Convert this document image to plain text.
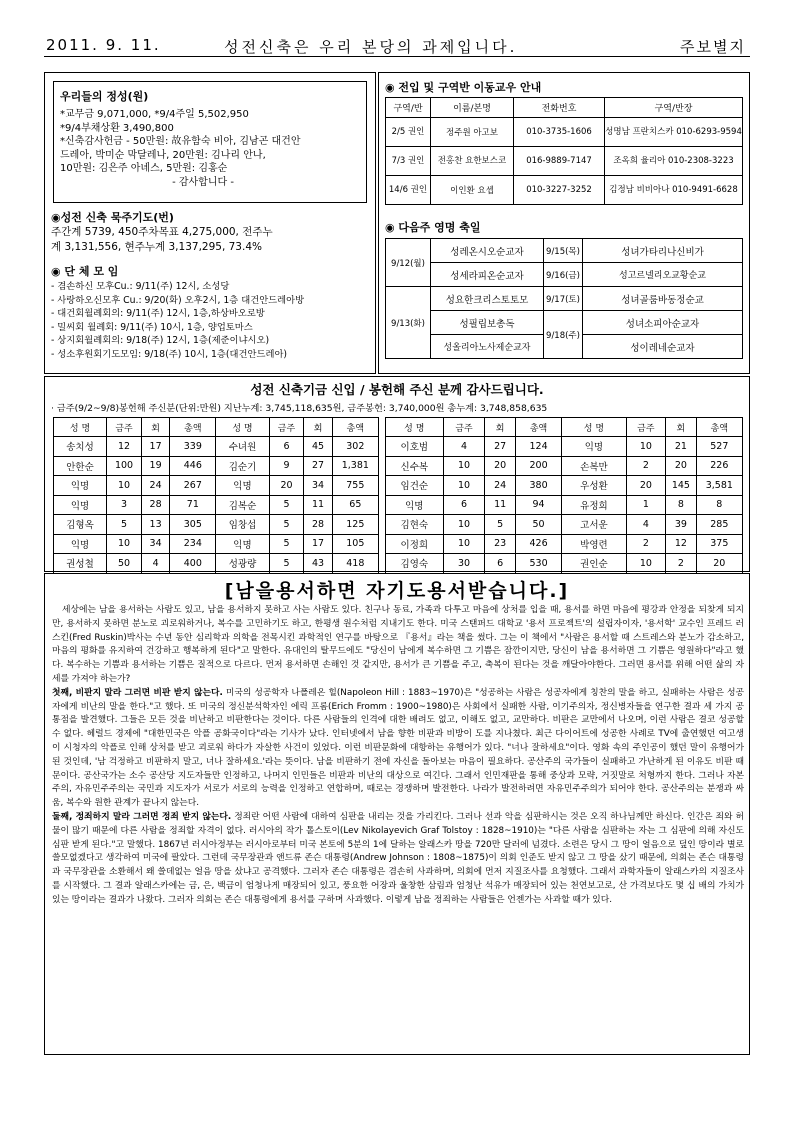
2011. 9. 11.	성전신축은 우리 본당의 과제입니다.	주보별지
우리들의 정성(원)
*교무금 9,071,000, *9/4주일 5,502,950
*9/4부채상환 3,490,800
*신축감사헌금 - 50만원: 故유함숙 비아, 김남곤 대건안
드레아, 박미순 막달레나, 20만원: 김나리 안나,
10만원: 김은주 아녜스, 5만원: 김홍순
- 감사합니다 -
◉성전 신축 묵주기도(번)
주간계 5739, 450주차목표 4,275,000, 전주누
계 3,131,556, 현주누계 3,137,295, 73.4%
◉ 단 체 모 임
- 겸손하신 모후Cu.: 9/11(주) 12시, 소성당
- 사랑하오신모후 Cu.: 9/20(화) 오후2시, 1층 대건안드레아방
- 대건회월례회의: 9/11(주) 12시, 1층,하상바오로방
- 밀씨회 월례회: 9/11(주) 10시, 1층, 양업토마스
- 상지회월례회의: 9/18(주) 12시, 1층(제준이냐시오)
- 성소후원회기도모임: 9/18(주) 10시, 1층(대건안드레아)
◉ 전입 및 구역반 이동교우 안내
구역/반	이름/본명	전화번호	구역/반장
2/5 권인	정주원 아고보	010-3735-1606	성명남 프란치스카 010-6293-9594
7/3 권인	전홍찬 요한보스코	016-9889-7147	조옥희 율리아 010-2308-3223
14/6 권인	이인환 요셉	010-3227-3252	김정남 비비아나 010-9491-6628
◉ 다음주 영명 축일
9/12(월)	성레온시오순교자	9/15(목)	성녀가타리나신비가
	성세라피온순교자	9/16(금)	성고르넬리오교황순교
9/13(화)	성요한크리스토토모	9/17(토)	성녀골룸바동정순교
	성필립보총독	9/18(주)	성녀소피아순교자
	성올리아노사제순교자		성이레네순교자
성전 신축기금 신입 / 봉헌해 주신 분께 감사드립니다.
· 금주(9/2~9/8)봉헌해 주신분(단위:만원) 지난누계: 3,745,118,635원, 금주봉헌: 3,740,000원 총누계: 3,748,858,635
성 명	금주	회	총액	성 명	금주	회	총액
송치성	12	17	339	수녀원	6	45	302
안한순	100	19	446	김순기	9	27	1,381
익명	10	24	267	익명	20	34	755
익명	3	28	71	김복순	5	11	65
김형옥	5	13	305	임창섭	5	28	125
익명	10	34	234	익명	5	17	105
권성철	50	4	400	성광량	5	43	418
성 명	금주	회	총액	성 명	금주	회	총액
이호범	4	27	124	익명	10	21	527
신수복	10	20	200	손복만	2	20	226
임건순	10	24	380	우성환	20	145	3,581
익명	6	11	94	유정희	1	8	8
김현숙	10	5	50	고서운	4	39	285
이정희	10	23	426	박영련	2	12	375
김영숙	30	6	530	권인순	10	2	20
[남을용서하면 자기도용서받습니다.]

세상에는 남을 용서하는 사람도 있고, 남을 용서하지 못하고 사는 사람도 있다. 친구나 동료, 가족과 다투고 마음에 상처를 입을 때, 용서를 하면 마음에 평강과 안정을 되찾게 되지만, 용서하지 못하면 분노로 괴로워하거나, 복수를 고민하기도 하고, 한평생 원수처럼 지내기도 한다. 미국 스탠퍼드 대학교 '용서 프로젝트'의 설립자이자, '용서학' 교수인 프레드 러스킨(Fred Ruskin)박사는 수년 동안 심리학과 의학을 전목시킨 과학적인 연구를 바탕으로 『용서』라는 책을 썼다. 그는 이 책에서 "사람은 용서할 때 스트레스와 분노가 감소하고, 마음의 평화를 유지하여 건강하고 행복하게 된다"고 말한다. 유대인의 탈무드에도 "당신이 남에게 복수하면 그 기쁨은 잠깐이지만, 당신이 남을 용서하면 그 기쁨은 영원하다"라고 했다. 복수하는 기쁨과 용서하는 기쁨은 질적으로 다르다. 먼저 용서하면 손해인 것 같지만, 용서가 큰 기쁨을 주고, 축복이 된다는 것을 깨달아야한다. 그러면 용서를 위해 어떤 삶의 자세를 가져야 하는가?

첫째, 비판지 말라 그러면 비판 받지 않는다. 미국의 성공학자 나폴레온 힐(Napoleon Hill : 1883~1970)은 "성공하는 사람은 성공자에게 칭찬의 말을 하고, 실패하는 사람은 성공자에게 비난의 말을 한다."고 했다. 또 미국의 정신분석학자인 에릭 프롬(Erich Fromm : 1900~1980)은 사회에서 실패한 사람, 이기주의자, 정신병자들을 연구한 결과 세 가지 공통점을 발견했다. 그들은 모든 것을 비난하고 비판한다는 것이다. 다른 사람들의 인격에 대한 배려도 없고, 이해도 없고, 교만하다. 비판은 교만에서 나오며, 이런 사람은 결코 성공할 수 없다. 헤럴드 경제에 "대한민국은 악플 공화국이다"라는 기사가 났다. 인터넷에서 남을 향한 비판과 비방이 도를 지나쳤다. 최근 다이어트에 성공한 사례로 TV에 출연했던 여고생이 시청자의 악플로 인해 상처를 받고 괴로워 하다가 자살한 사건이 있었다. 이런 비판문화에 대항하는 유행어가 있다. "너나 잘하세요"이다. 영화 속의 주인공이 했던 말이 유행어가 된 것인데, '남 걱정하고 비판하지 말고, 너나 잘하세요.'라는 뜻이다. 남을 비판하기 전에 자신을 돌아보는 마음이 필요하다. 공산주의 국가들이 실패하고 가난하게 된 이유도 비판 때문이다. 공산국가는 소수 공산당 지도자들만 인정하고, 나머지 인민들은 비판과 비난의 대상으로 여긴다. 그래서 인민재판을 통해 중상과 모략, 거짓말로 처형까지 한다. 그러나 자본주의, 자유민주주의는 국민과 지도자가 서로가 서로의 능력을 인정하고 연합하며, 때로는 경쟁하며 발전한다. 나라가 발전하려면 자유민주주의가 되어야 한다. 공산주의는 분쟁과 싸움, 복수와 원한 관계가 끝나지 않는다.

둘째, 정죄하지 말라 그러면 정죄 받지 않는다. 정죄란 어떤 사람에 대하여 심판을 내리는 것을 가리킨다. 그러나 선과 악을 심판하시는 것은 오직 하나님께만 하신다. 인간은 죄와 허물이 많기 때문에 다른 사람을 정죄할 자격이 없다. 러시아의 작가 톨스토이(Lev Nikolayevich Graf Tolstoy : 1828~1910)는 "다른 사람을 심판하는 자는 그 심판에 의해 자신도 심판 받게 된다."고 말했다. 1867년 러시아정부는 러시아로부터 미국 본토에 5분의 1에 달하는 알래스카 땅을 720만 달러에 넘겼다. 소련은 당시 그 땅이 얼음으로 덮인 땅이라 별로 쓸모없겠다고 생각하여 미국에 팔았다. 그런데 국무장관과 앤드류 존슨 대통령(Andrew Johnson : 1808~1875)이 의회 인준도 받지 않고 그 땅을 샀기 때문에, 의회는 존슨 대통령과 국무장관을 소환해서 왜 쓸데없는 얼음 땅을 샀냐고 공격했다. 그러자 존슨 대통령은 겸손히 사과하며, 의회에 먼저 지질조사를 요청했다. 그래서 과학자들이 알래스카의 지질조사를 시작했다. 그 결과 알래스카에는 금, 은, 백금이 엄청나게 매장되어 있고, 풍요한 어장과 울창한 삼림과 엄청난 석유가 매장되어 있는 천연보고로, 산 가격보다도 몇 십 배의 가치가 있는 땅이라는 결과가 나왔다. 그러자 의회는 존슨 대통령에게 용서를 구하며 사과했다. 이렇게 남을 정죄하는 사람들은 언젠가는 사과할 때가 있다.
